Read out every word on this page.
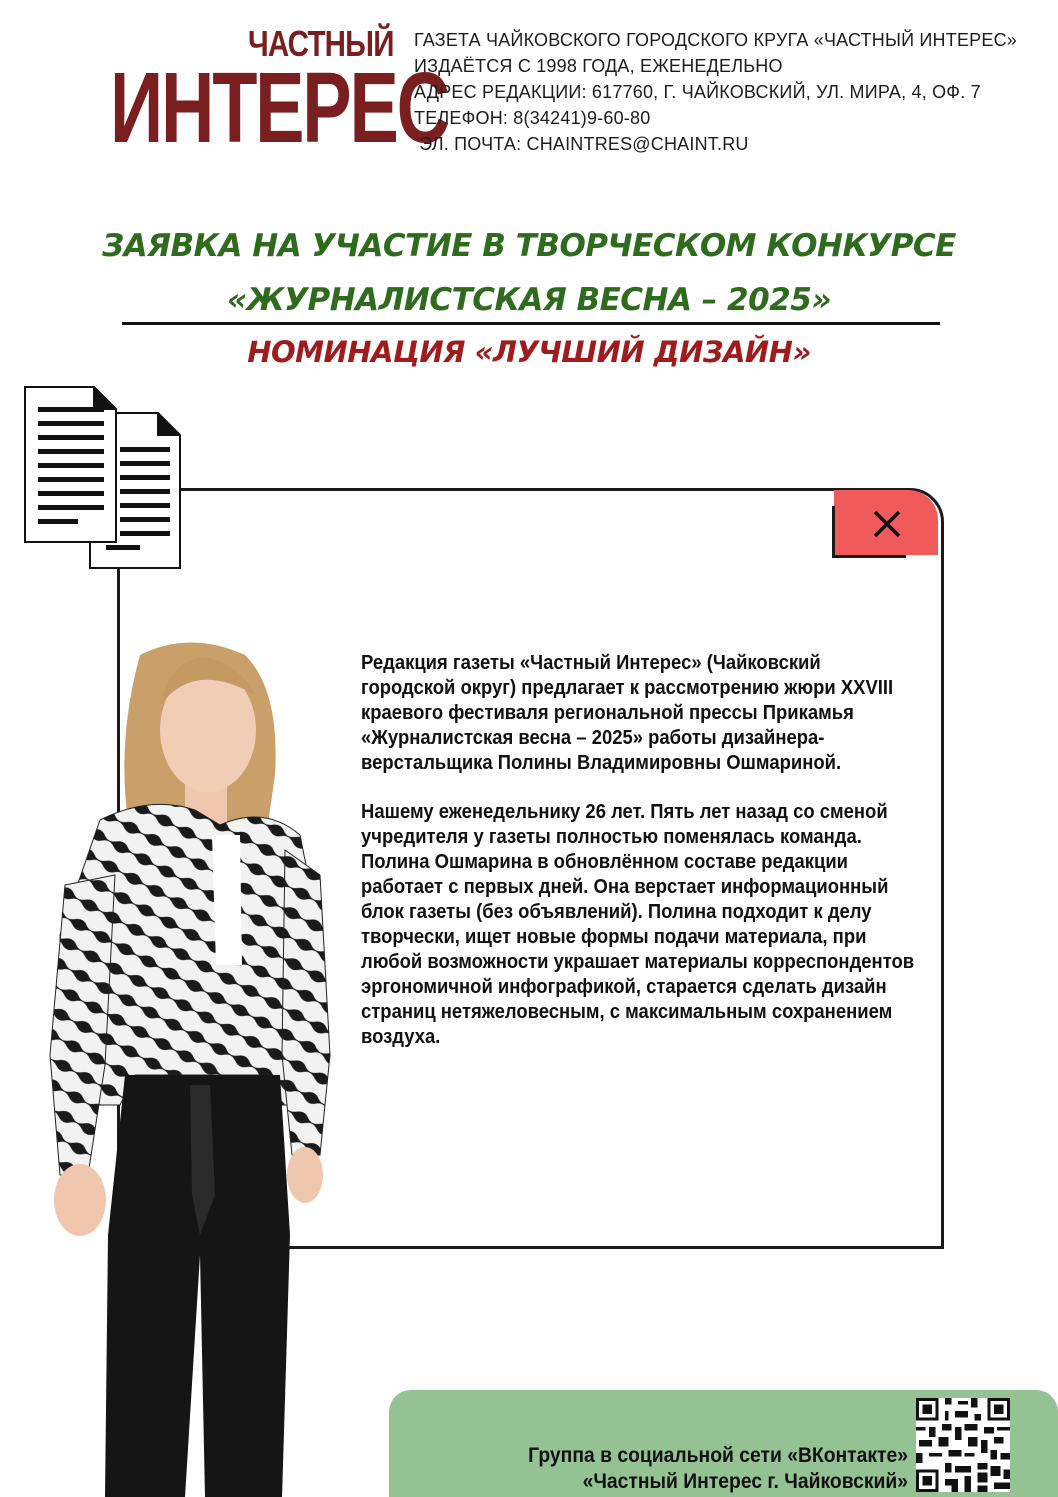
ЧАСТНЫЙ
ИНТЕРЕС
ГАЗЕТА ЧАЙКОВСКОГО ГОРОДСКОГО КРУГА «ЧАСТНЫЙ ИНТЕРЕС»
ИЗДАЁТСЯ С 1998 ГОДА, ЕЖЕНЕДЕЛЬНО
АДРЕС РЕДАКЦИИ: 617760, Г. ЧАЙКОВСКИЙ, УЛ. МИРА, 4, ОФ. 7
ТЕЛЕФОН: 8(34241)9-60-80
ЭЛ. ПОЧТА: CHAINTRES@CHAINT.RU
ЗАЯВКА НА УЧАСТИЕ В ТВОРЧЕСКОМ КОНКУРСЕ
«ЖУРНАЛИСТСКАЯ ВЕСНА – 2025»
НОМИНАЦИЯ «ЛУЧШИЙ ДИЗАЙН»

Редакция газеты «Частный Интерес» (Чайковский городской округ) предлагает к рассмотрению жюри XXVIII краевого фестиваля региональной прессы Прикамья «Журналистская весна – 2025» работы дизайнера-верстальщика Полины Владимировны Ошмариной.

Нашему еженедельнику 26 лет. Пять лет назад со сменой учредителя у газеты полностью поменялась команда. Полина Ошмарина в обновлённом составе редакции работает с первых дней. Она верстает информационный блок газеты (без объявлений). Полина подходит к делу творчески, ищет новые формы подачи материала, при любой возможности украшает материалы корреспондентов эргономичной инфографикой, старается сделать дизайн страниц нетяжеловесным, с максимальным сохранением воздуха.

Группа в социальной сети «ВКонтакте»
«Частный Интерес г. Чайковский»
